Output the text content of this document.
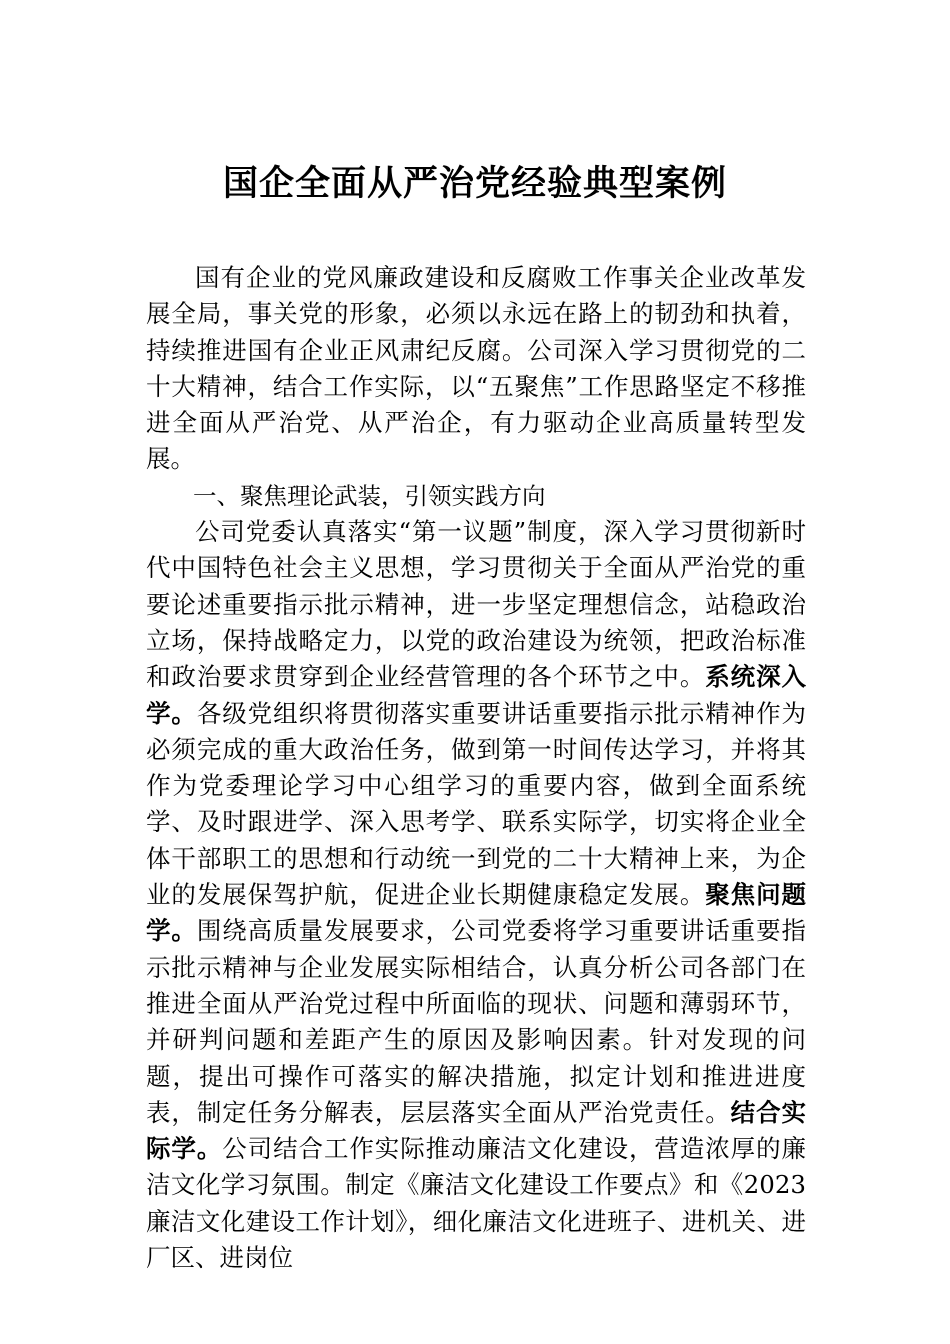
国企全面从严治党经验典型案例

国有企业的党风廉政建设和反腐败工作事关企业改革发展全局，事关党的形象，必须以永远在路上的韧劲和执着，持续推进国有企业正风肃纪反腐。公司深入学习贯彻党的二十大精神，结合工作实际，以“五聚焦”工作思路坚定不移推进全面从严治党、从严治企，有力驱动企业高质量转型发展。

一、聚焦理论武装，引领实践方向

公司党委认真落实“第一议题”制度，深入学习贯彻新时代中国特色社会主义思想，学习贯彻关于全面从严治党的重要论述重要指示批示精神，进一步坚定理想信念，站稳政治立场，保持战略定力，以党的政治建设为统领，把政治标准和政治要求贯穿到企业经营管理的各个环节之中。系统深入学。各级党组织将贯彻落实重要讲话重要指示批示精神作为必须完成的重大政治任务，做到第一时间传达学习，并将其作为党委理论学习中心组学习的重要内容，做到全面系统学、及时跟进学、深入思考学、联系实际学，切实将企业全体干部职工的思想和行动统一到党的二十大精神上来，为企业的发展保驾护航，促进企业长期健康稳定发展。聚焦问题学。围绕高质量发展要求，公司党委将学习重要讲话重要指示批示精神与企业发展实际相结合，认真分析公司各部门在推进全面从严治党过程中所面临的现状、问题和薄弱环节，并研判问题和差距产生的原因及影响因素。针对发现的问题，提出可操作可落实的解决措施，拟定计划和推进进度表，制定任务分解表，层层落实全面从严治党责任。结合实际学。公司结合工作实际推动廉洁文化建设，营造浓厚的廉洁文化学习氛围。制定《廉洁文化建设工作要点》和《2023 廉洁文化建设工作计划》，细化廉洁文化进班子、进机关、进厂区、进岗位
